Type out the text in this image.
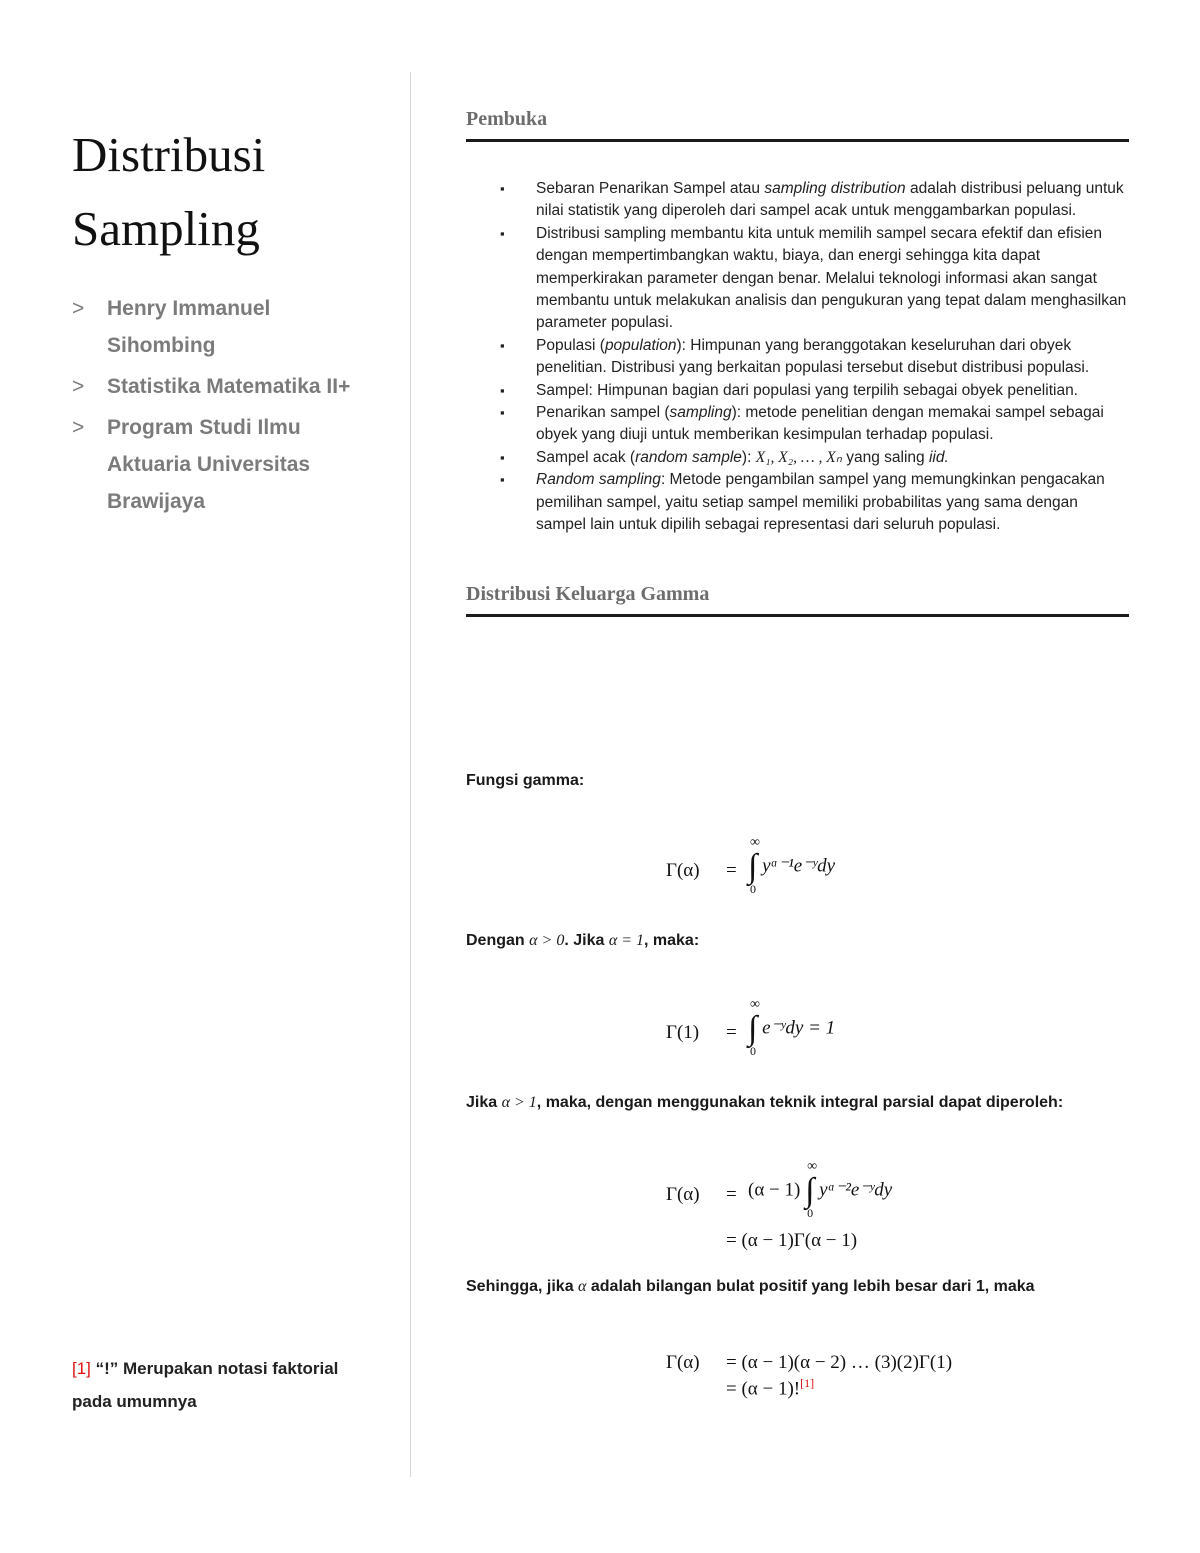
Distribusi
Sampling
> Henry Immanuel Sihombing
> Statistika Matematika II+
> Program Studi Ilmu Aktuaria Universitas Brawijaya
[1] “!” Merupakan notasi faktorial pada umumnya
Pembuka
▪ Sebaran Penarikan Sampel atau sampling distribution adalah distribusi peluang untuk nilai statistik yang diperoleh dari sampel acak untuk menggambarkan populasi.
▪ Distribusi sampling membantu kita untuk memilih sampel secara efektif dan efisien dengan mempertimbangkan waktu, biaya, dan energi sehingga kita dapat memperkirakan parameter dengan benar. Melalui teknologi informasi akan sangat membantu untuk melakukan analisis dan pengukuran yang tepat dalam menghasilkan parameter populasi.
▪ Populasi (population): Himpunan yang beranggotakan keseluruhan dari obyek penelitian. Distribusi yang berkaitan populasi tersebut disebut distribusi populasi.
▪ Sampel: Himpunan bagian dari populasi yang terpilih sebagai obyek penelitian.
▪ Penarikan sampel (sampling): metode penelitian dengan memakai sampel sebagai obyek yang diuji untuk memberikan kesimpulan terhadap populasi.
▪ Sampel acak (random sample): X₁, X₂, … , Xₙ yang saling iid.
▪ Random sampling: Metode pengambilan sampel yang memungkinkan pengacakan pemilihan sampel, yaitu setiap sampel memiliki probabilitas yang sama dengan sampel lain untuk dipilih sebagai representasi dari seluruh populasi.
Distribusi Keluarga Gamma
Fungsi gamma:
Γ(α) = ∫
∞
0
yᵅ⁻¹e⁻ʸdy
Dengan α > 0. Jika α = 1, maka:
Γ(1) = ∫
∞
0
e⁻ʸdy = 1
Jika α > 1, maka, dengan menggunakan teknik integral parsial dapat diperoleh:
Γ(α) = (α − 1) ∫
∞
0
yᵅ⁻²e⁻ʸdy
= (α − 1)Γ(α − 1)
Sehingga, jika α adalah bilangan bulat positif yang lebih besar dari 1, maka
Γ(α) = (α − 1)(α − 2) … (3)(2)Γ(1)
= (α − 1)![1]
